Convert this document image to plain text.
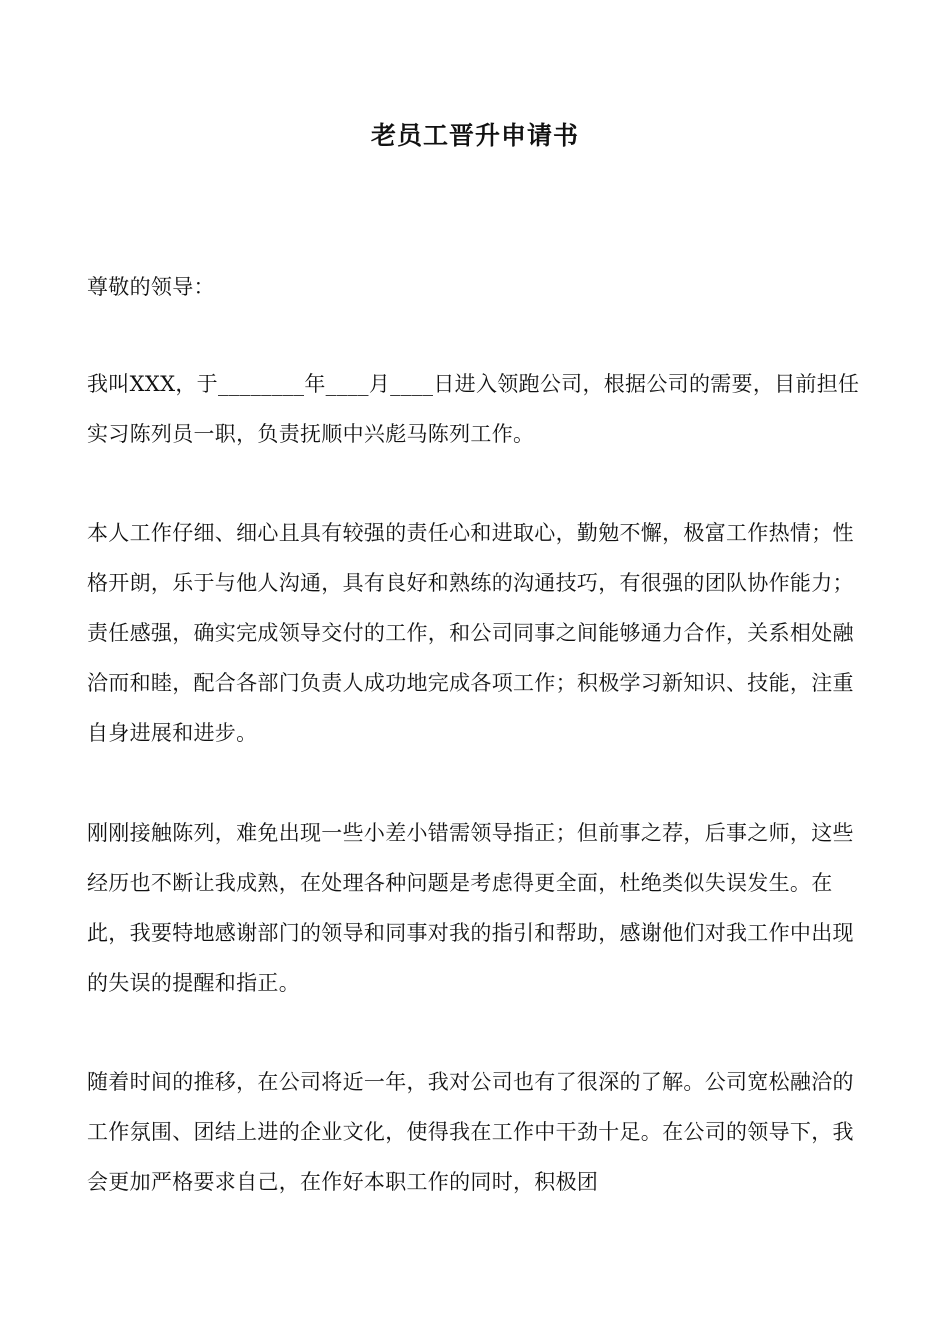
老员工晋升申请书

尊敬的领导：

我叫XXX，于________年____月____日进入领跑公司，根据公司的需要，目前担任实习陈列员一职，负责抚顺中兴彪马陈列工作。

本人工作仔细、细心且具有较强的责任心和进取心，勤勉不懈，极富工作热情；性格开朗，乐于与他人沟通，具有良好和熟练的沟通技巧，有很强的团队协作能力；责任感强，确实完成领导交付的工作，和公司同事之间能够通力合作，关系相处融洽而和睦，配合各部门负责人成功地完成各项工作；积极学习新知识、技能，注重自身进展和进步。

刚刚接触陈列，难免出现一些小差小错需领导指正；但前事之荐，后事之师，这些经历也不断让我成熟，在处理各种问题是考虑得更全面，杜绝类似失误发生。在此，我要特地感谢部门的领导和同事对我的指引和帮助，感谢他们对我工作中出现的失误的提醒和指正。

随着时间的推移，在公司将近一年，我对公司也有了很深的了解。公司宽松融洽的工作氛围、团结上进的企业文化，使得我在工作中干劲十足。在公司的领导下，我会更加严格要求自己，在作好本职工作的同时，积极团
